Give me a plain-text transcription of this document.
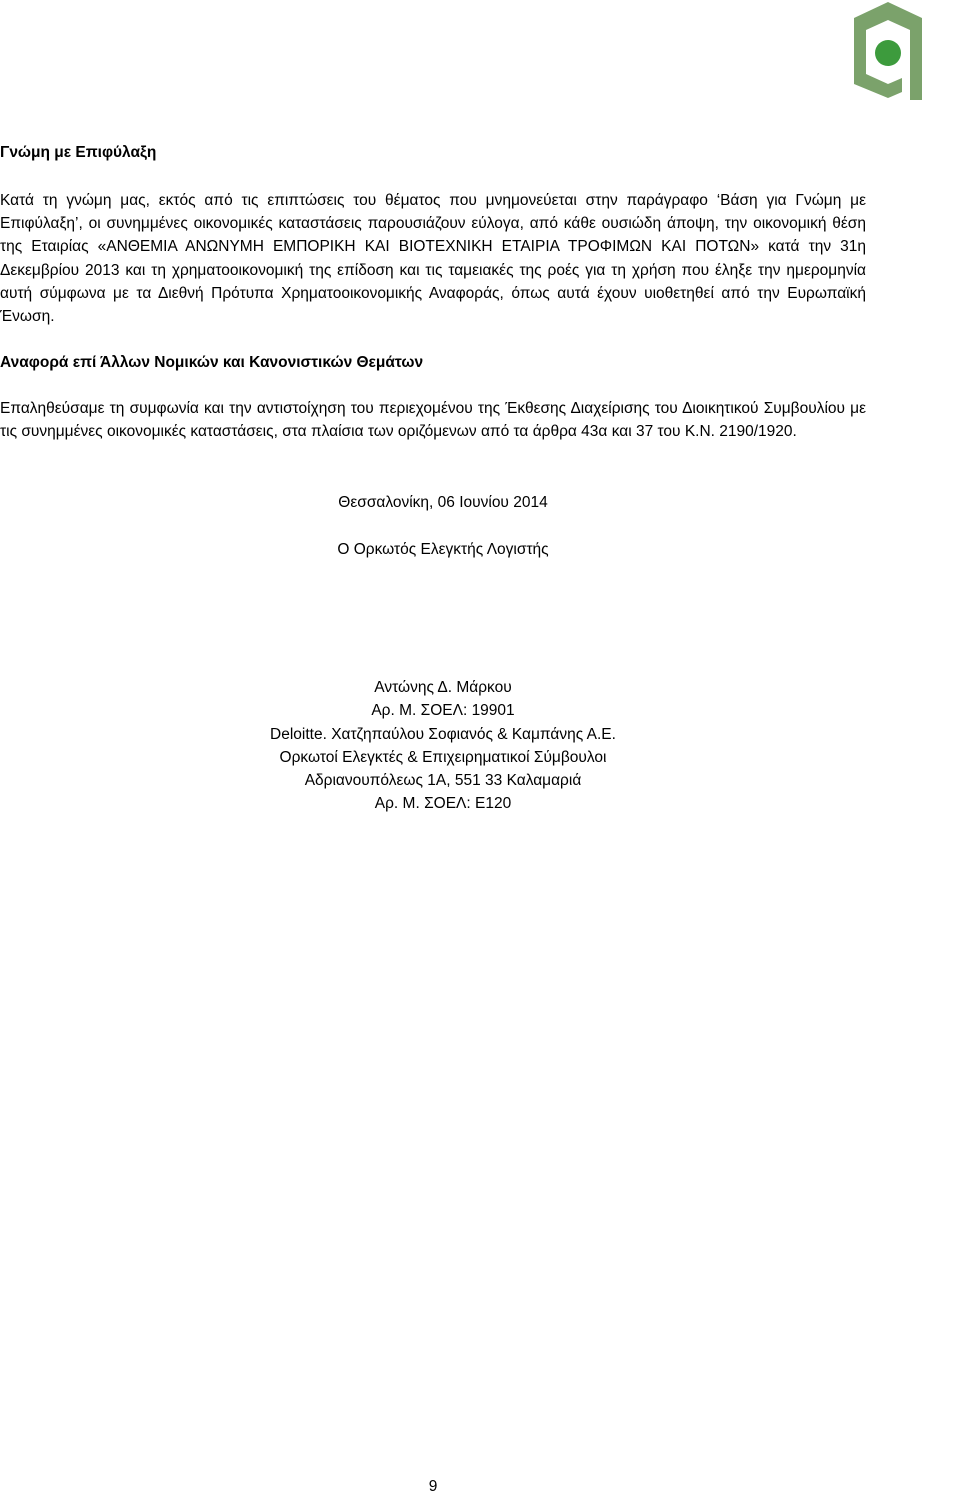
Γνώμη με Επιφύλαξη

Κατά τη γνώμη μας, εκτός από τις επιπτώσεις του θέματος που μνημονεύεται στην παράγραφο ‘Βάση για Γνώμη με Επιφύλαξη’, οι συνημμένες οικονομικές καταστάσεις παρουσιάζουν εύλογα, από κάθε ουσιώδη άποψη, την οικονομική θέση της Εταιρίας «ΑΝΘΕΜΙΑ ΑΝΩΝΥΜΗ ΕΜΠΟΡΙΚΗ ΚΑΙ ΒΙΟΤΕΧΝΙΚΗ ΕΤΑΙΡΙΑ ΤΡΟΦΙΜΩΝ ΚΑΙ ΠΟΤΩΝ» κατά την 31η Δεκεμβρίου 2013 και τη χρηματοοικονομική της επίδοση και τις ταμειακές της ροές για τη χρήση που έληξε την ημερομηνία αυτή σύμφωνα με τα Διεθνή Πρότυπα Χρηματοοικονομικής Αναφοράς, όπως αυτά έχουν υιοθετηθεί από την Ευρωπαϊκή Ένωση.

Αναφορά επί Άλλων Νομικών και Κανονιστικών Θεμάτων

Επαληθεύσαμε τη συμφωνία και την αντιστοίχηση του περιεχομένου της Έκθεσης Διαχείρισης του Διοικητικού Συμβουλίου με τις συνημμένες οικονομικές καταστάσεις, στα πλαίσια των οριζόμενων από τα άρθρα 43α και 37 του Κ.Ν. 2190/1920.

Θεσσαλονίκη, 06 Ιουνίου 2014
Ο Ορκωτός Ελεγκτής Λογιστής
Αντώνης Δ. Μάρκου
Αρ. Μ. ΣΟΕΛ: 19901
Deloitte. Χατζηπαύλου Σοφιανός & Καμπάνης Α.Ε.
Ορκωτοί Ελεγκτές & Επιχειρηματικοί Σύμβουλοι
Αδριανουπόλεως 1Α, 551 33 Καλαμαριά
Αρ. Μ. ΣΟΕΛ: Ε120
9
